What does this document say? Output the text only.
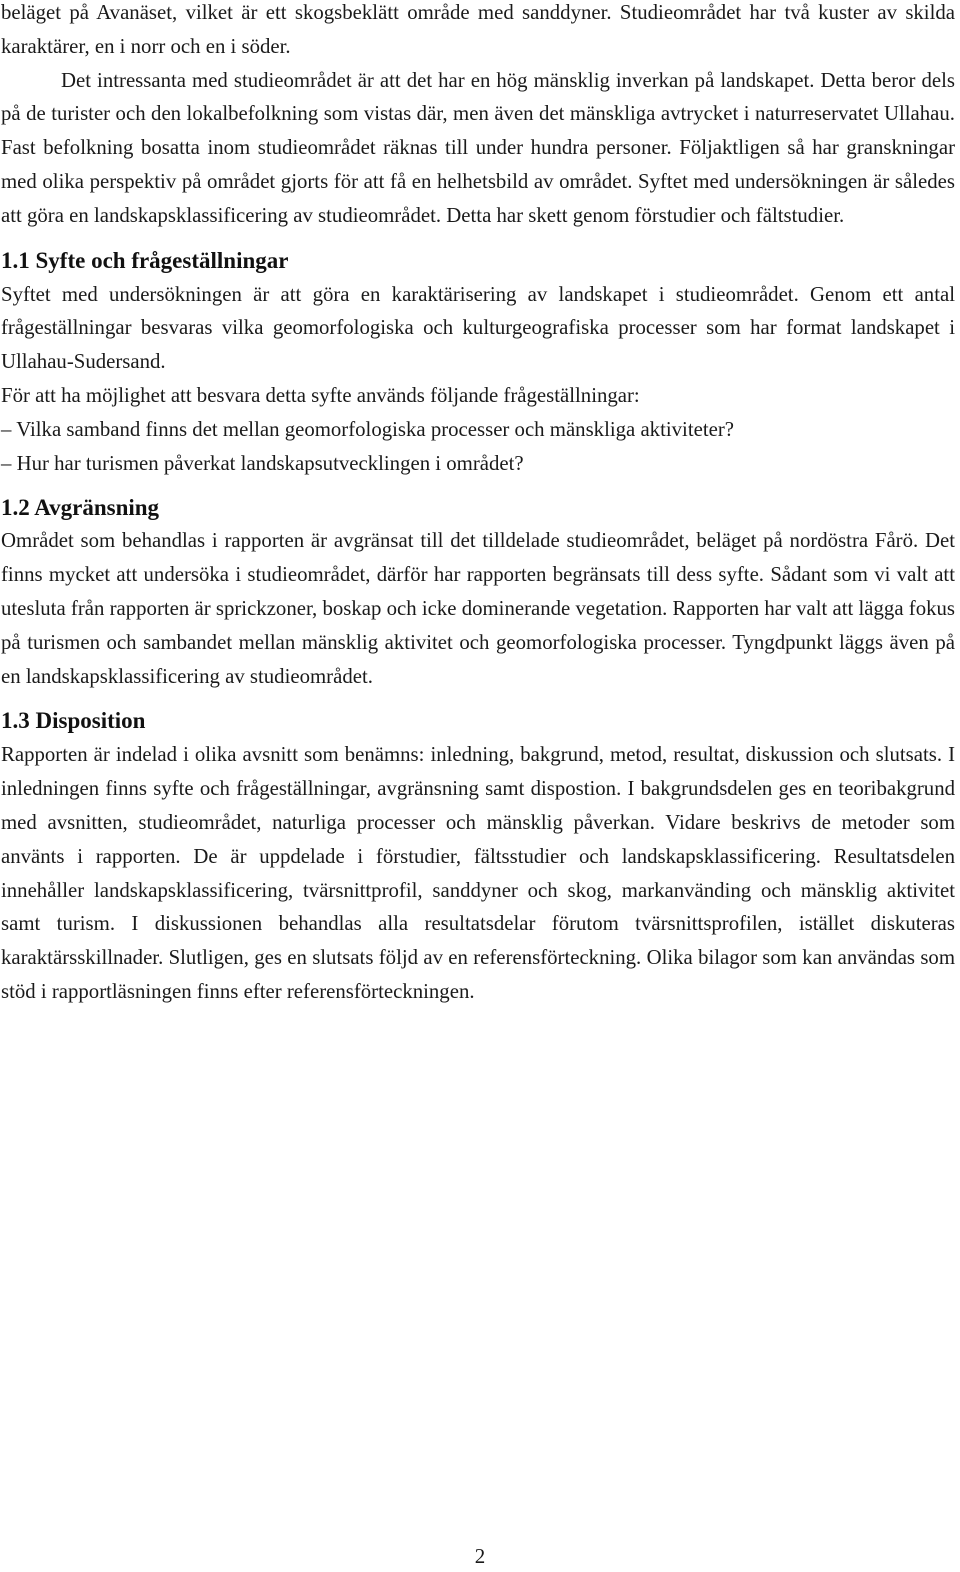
beläget på Avanäset, vilket är ett skogsbeklätt område med sanddyner. Studieområdet har två kuster av skilda karaktärer, en i norr och en i söder.

Det intressanta med studieområdet är att det har en hög mänsklig inverkan på landskapet. Detta beror dels på de turister och den lokalbefolkning som vistas där, men även det mänskliga avtrycket i naturreservatet Ullahau. Fast befolkning bosatta inom studieområdet räknas till under hundra personer. Följaktligen så har granskningar med olika perspektiv på området gjorts för att få en helhetsbild av området. Syftet med undersökningen är således att göra en landskapsklassificering av studieområdet. Detta har skett genom förstudier och fältstudier.

1.1 Syfte och frågeställningar

Syftet med undersökningen är att göra en karaktärisering av landskapet i studieområdet. Genom ett antal frågeställningar besvaras vilka geomorfologiska och kulturgeografiska processer som har format landskapet i Ullahau-Sudersand.

För att ha möjlighet att besvara detta syfte används följande frågeställningar:

– Vilka samband finns det mellan geomorfologiska processer och mänskliga aktiviteter?

– Hur har turismen påverkat landskapsutvecklingen i området?

1.2 Avgränsning

Området som behandlas i rapporten är avgränsat till det tilldelade studieområdet, beläget på nordöstra Fårö. Det finns mycket att undersöka i studieområdet, därför har rapporten begränsats till dess syfte. Sådant som vi valt att utesluta från rapporten är sprickzoner, boskap och icke dominerande vegetation. Rapporten har valt att lägga fokus på turismen och sambandet mellan mänsklig aktivitet och geomorfologiska processer. Tyngdpunkt läggs även på en landskapsklassificering av studieområdet.

1.3 Disposition

Rapporten är indelad i olika avsnitt som benämns: inledning, bakgrund, metod, resultat, diskussion och slutsats. I inledningen finns syfte och frågeställningar, avgränsning samt dispostion. I bakgrundsdelen ges en teoribakgrund med avsnitten, studieområdet, naturliga processer och mänsklig påverkan. Vidare beskrivs de metoder som använts i rapporten. De är uppdelade i förstudier, fältsstudier och landskapsklassificering. Resultatsdelen innehåller landskapsklassificering, tvärsnittprofil, sanddyner och skog, markanvänding och mänsklig aktivitet samt turism. I diskussionen behandlas alla resultatsdelar förutom tvärsnittsprofilen, istället diskuteras karaktärsskillnader. Slutligen, ges en slutsats följd av en referensförteckning. Olika bilagor som kan användas som stöd i rapportläsningen finns efter referensförteckningen.

2
